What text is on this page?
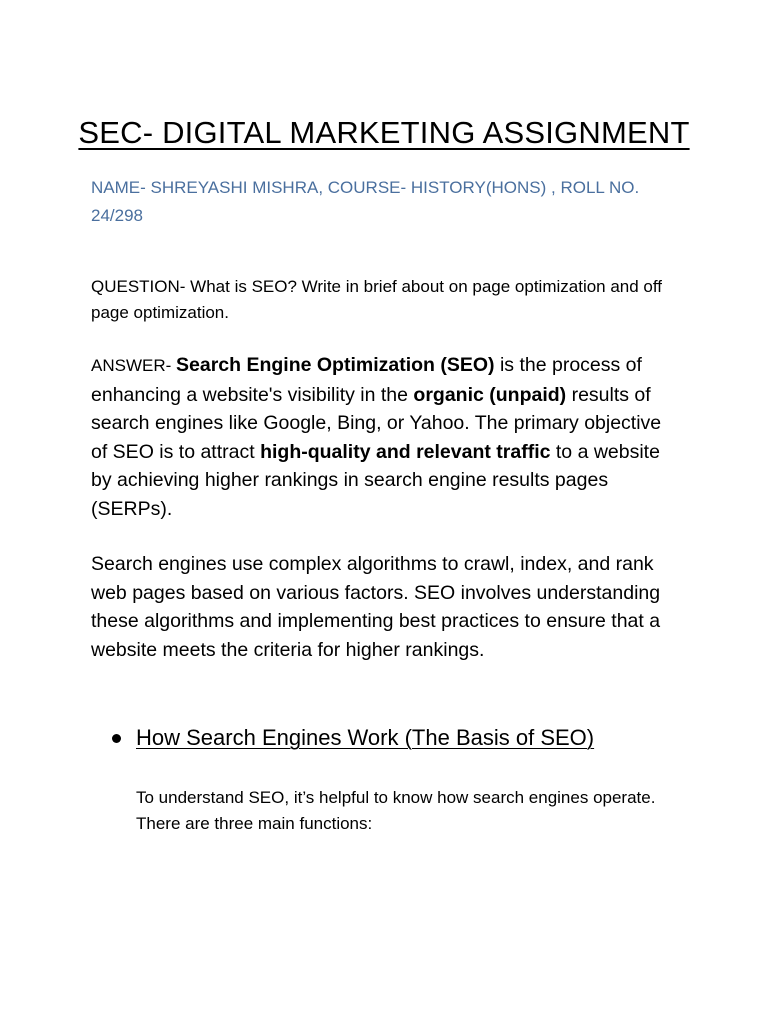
SEC- DIGITAL MARKETING ASSIGNMENT

NAME- SHREYASHI MISHRA, COURSE- HISTORY(HONS) , ROLL NO. 24/298

QUESTION- What is SEO? Write in brief about on page optimization and off page optimization.

ANSWER- Search Engine Optimization (SEO) is the process of enhancing a website's visibility in the organic (unpaid) results of search engines like Google, Bing, or Yahoo. The primary objective of SEO is to attract high-quality and relevant traffic to a website by achieving higher rankings in search engine results pages (SERPs).

Search engines use complex algorithms to crawl, index, and rank web pages based on various factors. SEO involves understanding these algorithms and implementing best practices to ensure that a website meets the criteria for higher rankings.

How Search Engines Work (The Basis of SEO)

To understand SEO, it’s helpful to know how search engines operate. There are three main functions:
